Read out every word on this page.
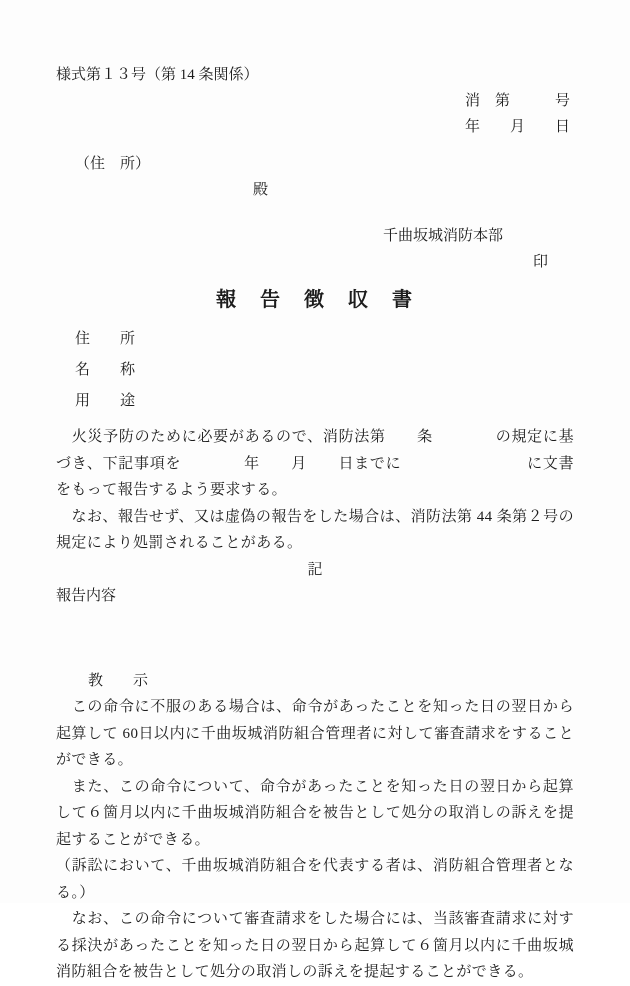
様式第１３号（第 14 条関係）
消　第　　　号
年　　月　　日
（住　所）
殿
千曲坂城消防本部
印
報　告　徴　収　書
住　　所
名　　称
用　　途

　火災予防のために必要があるので、消防法第　　条　　　　の規定に基づき、下記事項を　　　　年　　月　　日までに　　　　　　　　に文書をもって報告するよう要求する。

　なお、報告せず、又は虚偽の報告をした場合は、消防法第 44 条第２号の規定により処罰されることがある。

記
報告内容
教　　示

　この命令に不服のある場合は、命令があったことを知った日の翌日から起算して 60日以内に千曲坂城消防組合管理者に対して審査請求をすることができる。

　また、この命令について、命令があったことを知った日の翌日から起算して６箇月以内に千曲坂城消防組合を被告として処分の取消しの訴えを提起することができる。

（訴訟において、千曲坂城消防組合を代表する者は、消防組合管理者となる。）

　なお、この命令について審査請求をした場合には、当該審査請求に対する採決があったことを知った日の翌日から起算して６箇月以内に千曲坂城消防組合を被告として処分の取消しの訴えを提起することができる。
